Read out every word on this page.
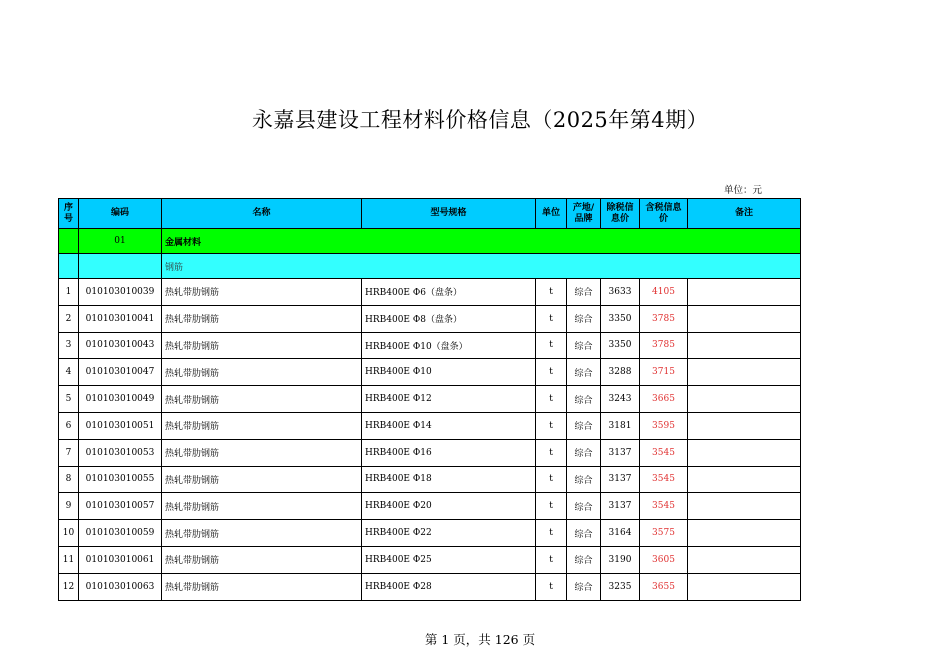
永嘉县建设工程材料价格信息（2025年第4期）
单位：元
序号	编码	名称	型号规格	单位	产地/品牌	除税信息价	含税信息价	备注
	01	金属材料						
		钢筋						
1	010103010039	热轧带肋钢筋	HRB400E Φ6（盘条）	t	综合	3633	4105	
2	010103010041	热轧带肋钢筋	HRB400E Φ8（盘条）	t	综合	3350	3785	
3	010103010043	热轧带肋钢筋	HRB400E Φ10（盘条）	t	综合	3350	3785	
4	010103010047	热轧带肋钢筋	HRB400E Φ10	t	综合	3288	3715	
5	010103010049	热轧带肋钢筋	HRB400E Φ12	t	综合	3243	3665	
6	010103010051	热轧带肋钢筋	HRB400E Φ14	t	综合	3181	3595	
7	010103010053	热轧带肋钢筋	HRB400E Φ16	t	综合	3137	3545	
8	010103010055	热轧带肋钢筋	HRB400E Φ18	t	综合	3137	3545	
9	010103010057	热轧带肋钢筋	HRB400E Φ20	t	综合	3137	3545	
10	010103010059	热轧带肋钢筋	HRB400E Φ22	t	综合	3164	3575	
11	010103010061	热轧带肋钢筋	HRB400E Φ25	t	综合	3190	3605	
12	010103010063	热轧带肋钢筋	HRB400E Φ28	t	综合	3235	3655	
第 1 页，共 126 页
